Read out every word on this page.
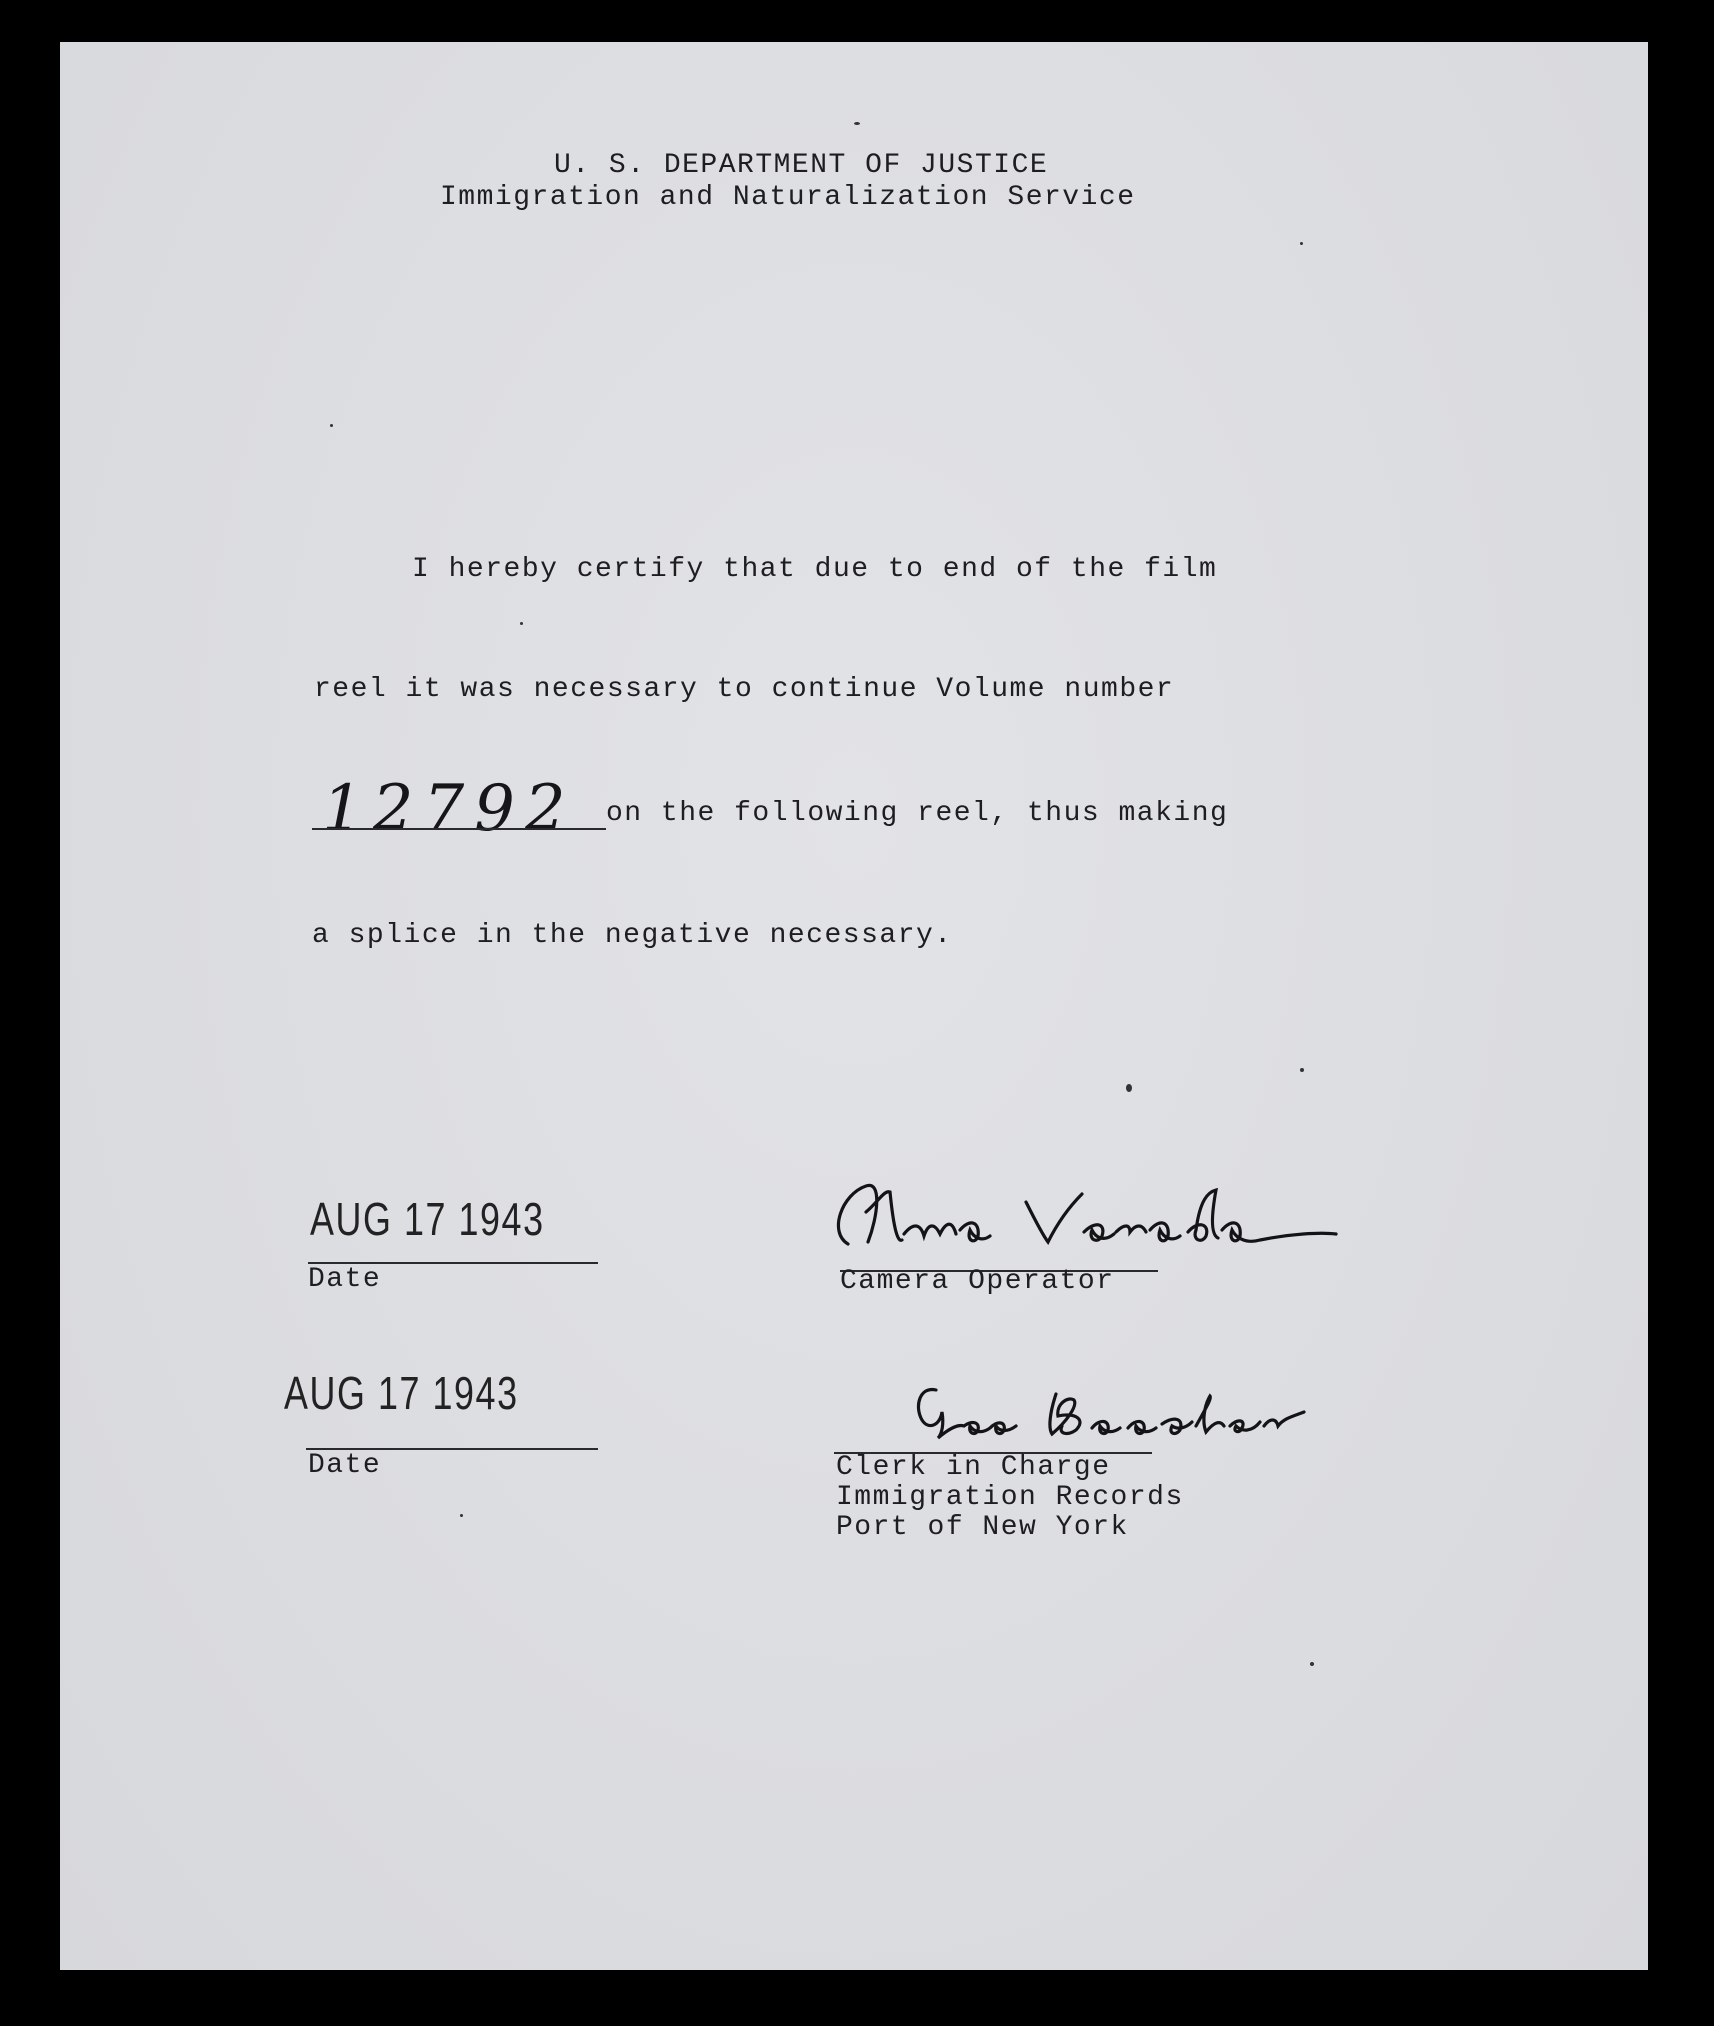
U. S. DEPARTMENT OF JUSTICE
Immigration and Naturalization Service
I hereby certify that due to end of the film
reel it was necessary to continue Volume number
12792 on the following reel, thus making
a splice in the negative necessary.
AUG 17 1943
Date	Camera Operator
AUG 17 1943
Date	Clerk in Charge
Immigration Records
Port of New York
